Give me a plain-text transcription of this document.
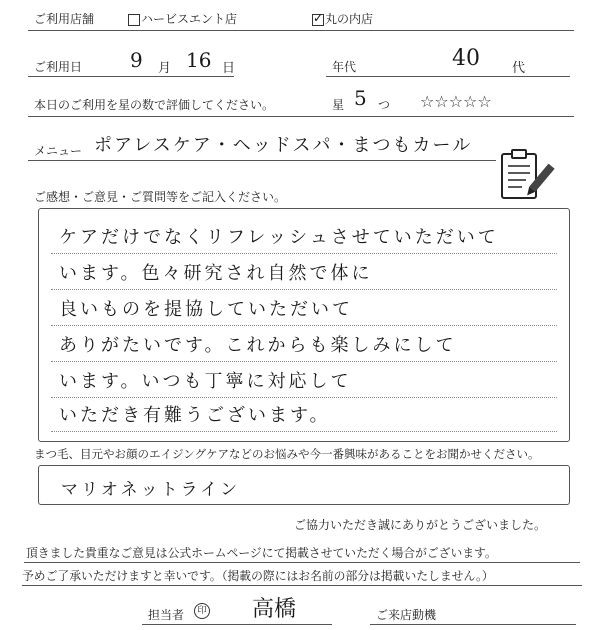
ご利用店舗	ハービスエント店
✓	丸の内店
ご利用日 9 月 16 日	年代	40 代
本日のご利用を星の数で評価してください。	星 5 つ ☆☆☆☆☆
メニュー ポアレスケア・ヘッドスパ・まつもカール
ご感想・ご意見・ご質問等をご記入ください。
ケアだけでなくリフレッシュさせていただいて
います。色々研究され自然で体に
良いものを提協していただいて
ありがたいです。これからも楽しみにして
います。いつも丁寧に対応して
いただき有難うございます。
まつ毛、目元やお顔のエイジングケアなどのお悩みや今一番興味があることをお聞かせください。
マリオネットライン
ご協力いただき誠にありがとうございました。
頂きました貴重なご意見は公式ホームページにて掲載させていただく場合がございます。
予めご了承いただけますと幸いです。（掲載の際にはお名前の部分は掲載いたしません。）
担当者	印 高橋	ご来店動機
